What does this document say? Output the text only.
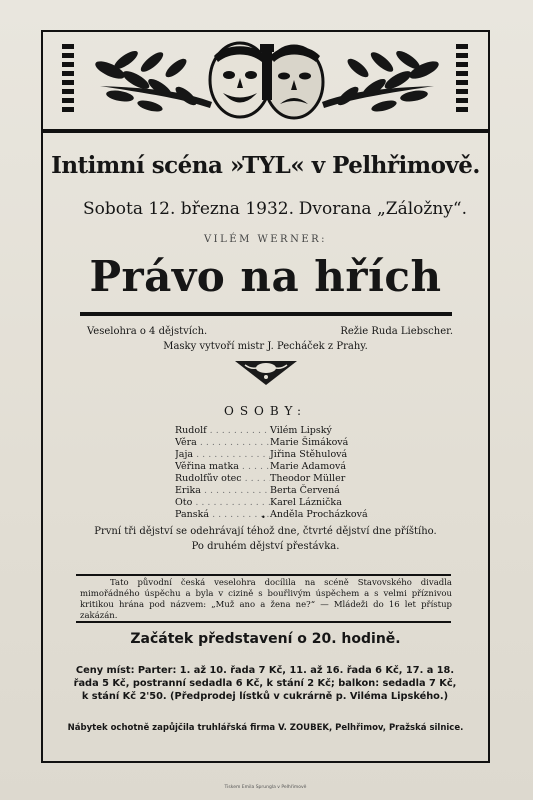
Intimní scéna »TYL« v Pelhřimově.
Sobota 12. března 1932. Dvorana „Záložny“.
VILÉM WERNER:
Právo na hřích
Veselohra o 4 dějstvích.	Režie Ruda Liebscher.
Masky vytvoří mistr J. Pecháček z Prahy.
OSOBY:
Rudolf . . .	Vilém Lipský
Věra . . .	Marie Šimáková
Jaja . . .	Jiřina Stěhulová
Věřina matka . . .	Marie Adamová
Rudolfův otec . . .	Theodor Müller
Erika . . .	Berta Červená
Oto . . .	Karel Láznička
Panská . . .	Anděla Procházková
•
První tři dějství se odehrávají téhož dne, čtvrté dějství dne příštího.
Po druhém dějství přestávka.
Tato původní česká veselohra docílila na scéně Stavovského divadla mimořádného úspěchu a byla v cizině s bouřlivým úspěchem a s velmi příznivou kritikou hrána pod názvem: „Muž ano a žena ne?“ — Mládeži do 16 let přístup zakázán.
Začátek představení o 20. hodině.
Ceny míst: Parter: 1. až 10. řada 7 Kč, 11. až 16. řada 6 Kč, 17. a 18. řada 5 Kč, postranní sedadla 6 Kč, k stání 2 Kč; balkon: sedadla 7 Kč, k stání Kč 2'50. (Předprodej lístků v cukrárně p. Viléma Lipského.)
Nábytek ochotně zapůjčila truhlářská firma V. ZOUBEK, Pelhřimov, Pražská silnice.
Tiskem Emila Sprungla v Pelhřimově
